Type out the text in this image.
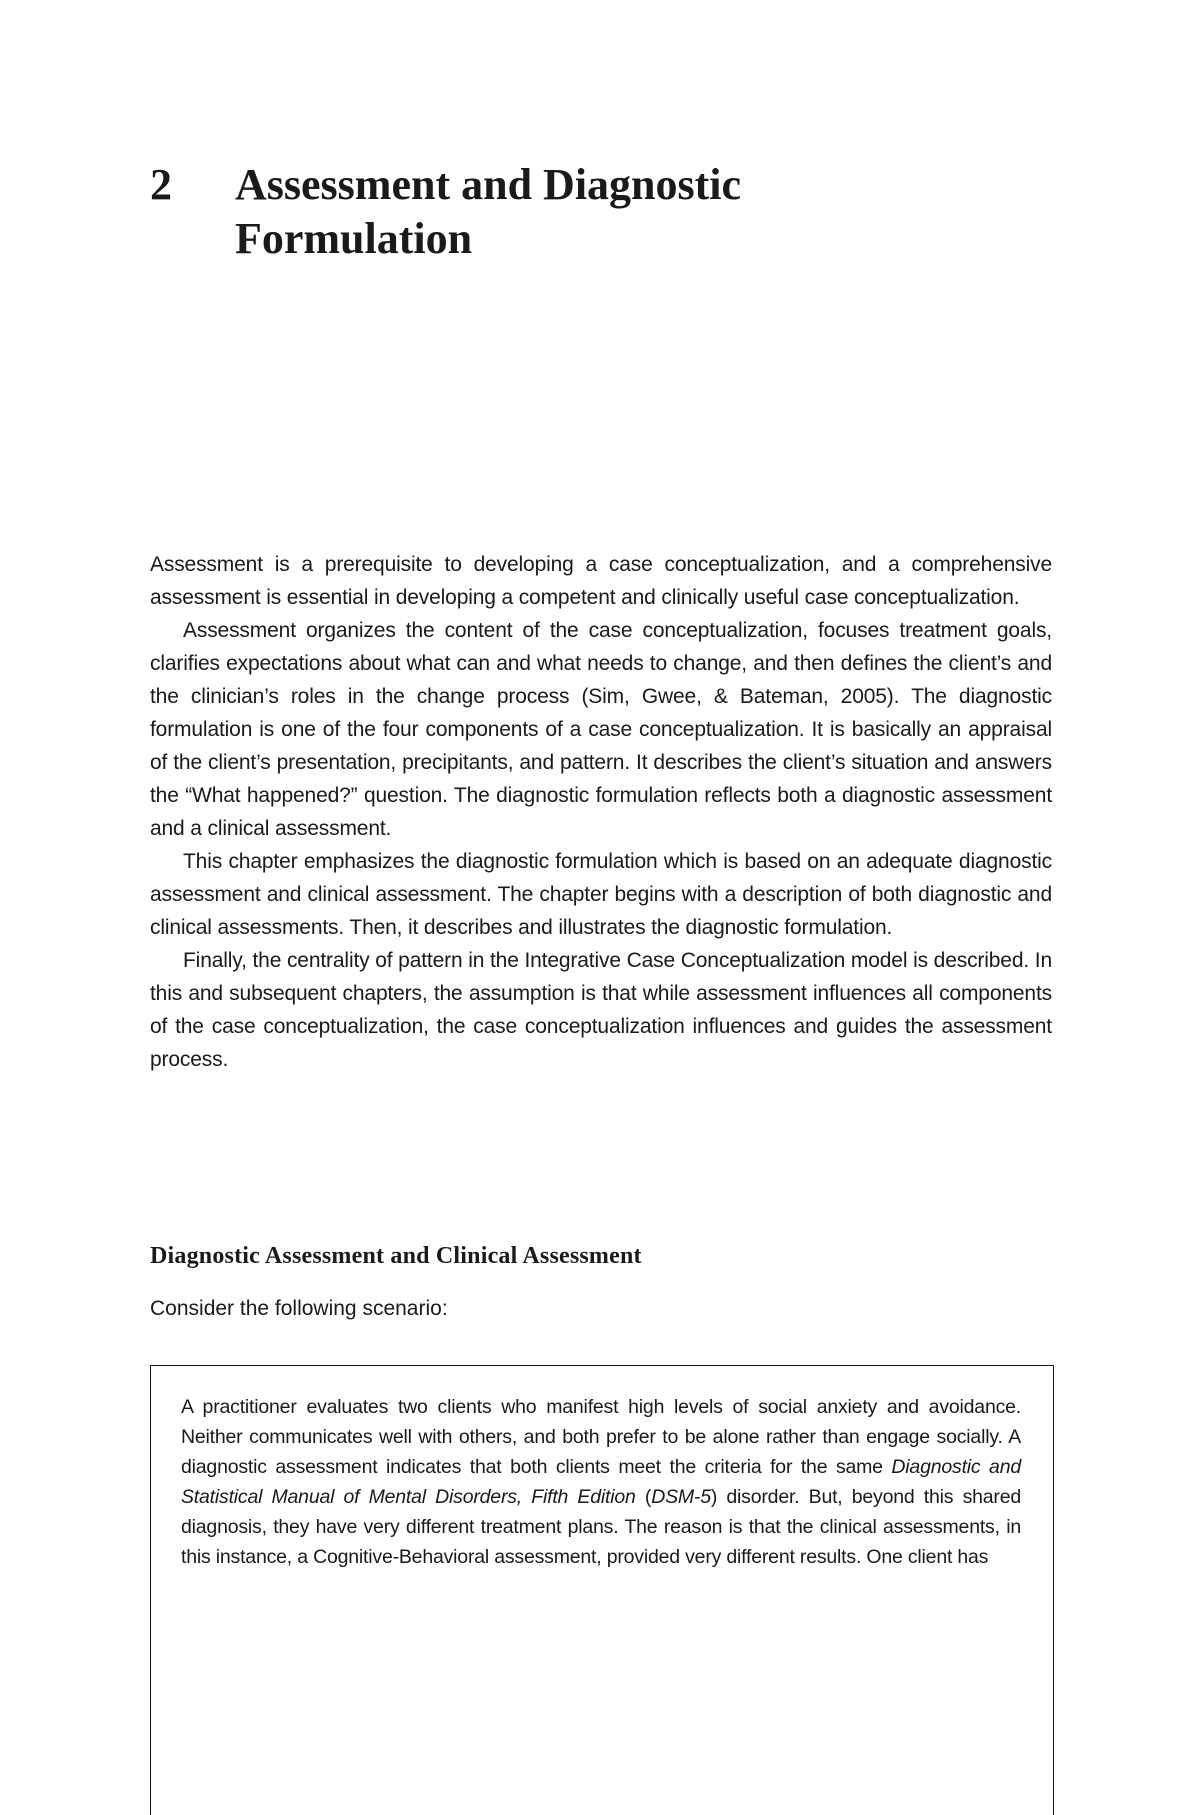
2	Assessment and Diagnostic
Formulation

Assessment is a prerequisite to developing a case conceptualization, and a comprehensive assessment is essential in developing a competent and clinically useful case conceptualization.

Assessment organizes the content of the case conceptualization, focuses treatment goals, clarifies expectations about what can and what needs to change, and then defines the client’s and the clinician’s roles in the change process (Sim, Gwee, & Bateman, 2005). The diagnostic formulation is one of the four components of a case conceptualization. It is basically an appraisal of the client’s presentation, precipitants, and pattern. It describes the client’s situation and answers the “What happened?” question. The diagnostic formulation reflects both a diagnostic assessment and a clinical assessment.

This chapter emphasizes the diagnostic formulation which is based on an adequate diagnostic assessment and clinical assessment. The chapter begins with a description of both diagnostic and clinical assessments. Then, it describes and illustrates the diagnostic formulation.

Finally, the centrality of pattern in the Integrative Case Conceptualization model is described. In this and subsequent chapters, the assumption is that while assessment influences all components of the case conceptualization, the case conceptualization influences and guides the assessment process.

Diagnostic Assessment and Clinical Assessment
Consider the following scenario:

A practitioner evaluates two clients who manifest high levels of social anxiety and avoidance. Neither communicates well with others, and both prefer to be alone rather than engage socially. A diagnostic assessment indicates that both clients meet the criteria for the same Diagnostic and Statistical Manual of Mental Disorders, Fifth Edition (DSM-5) disorder. But, beyond this shared diagnosis, they have very different treatment plans. The reason is that the clinical assessments, in this instance, a Cognitive-Behavioral assessment, provided very different results. One client has
